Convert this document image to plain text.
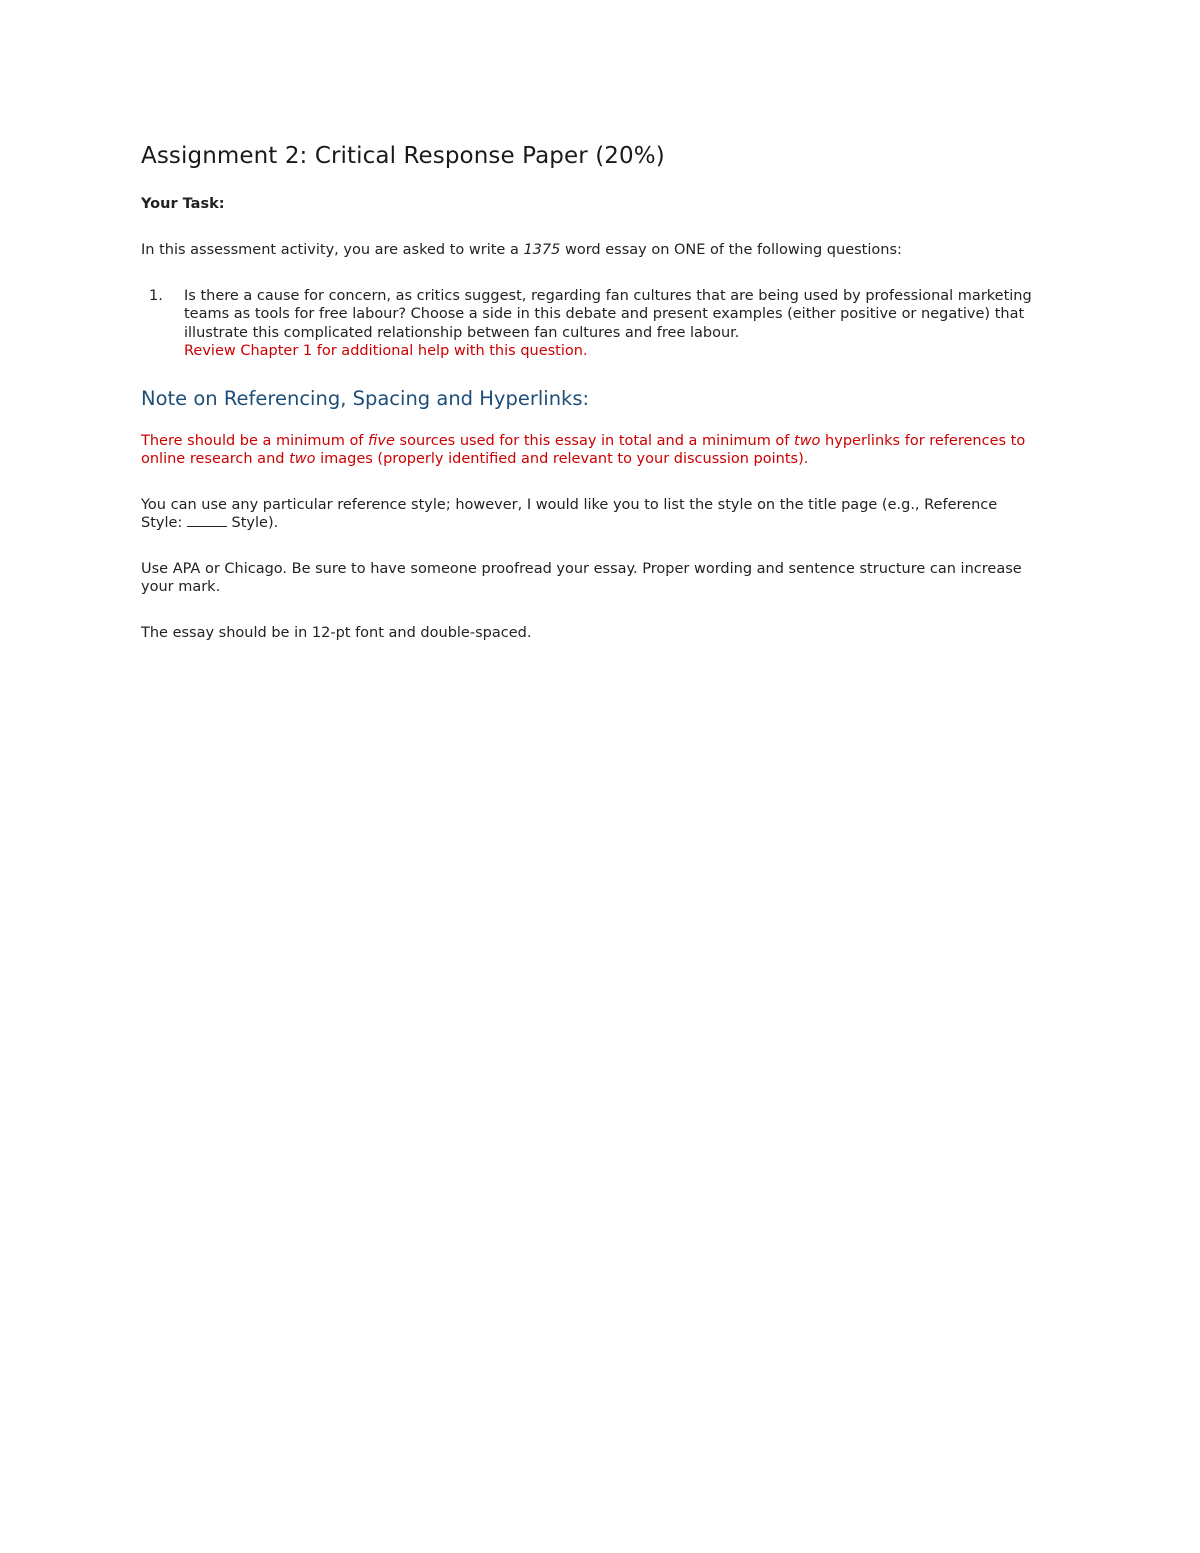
Assignment 2: Critical Response Paper (20%)

Your Task:

In this assessment activity, you are asked to write a 1375 word essay on ONE of the following questions:

1.	Is there a cause for concern, as critics suggest, regarding fan cultures that are being used by professional marketing teams as tools for free labour? Choose a side in this debate and present examples (either positive or negative) that illustrate this complicated relationship between fan cultures and free labour.
Review Chapter 1 for additional help with this question.
Note on Referencing, Spacing and Hyperlinks:

There should be a minimum of five sources used for this essay in total and a minimum of two hyperlinks for references to online research and two images (properly identified and relevant to your discussion points).

You can use any particular reference style; however, I would like you to list the style on the title page (e.g., Reference Style:	Style).

Use APA or Chicago. Be sure to have someone proofread your essay. Proper wording and sentence structure can increase your mark.

The essay should be in 12-pt font and double-spaced.
